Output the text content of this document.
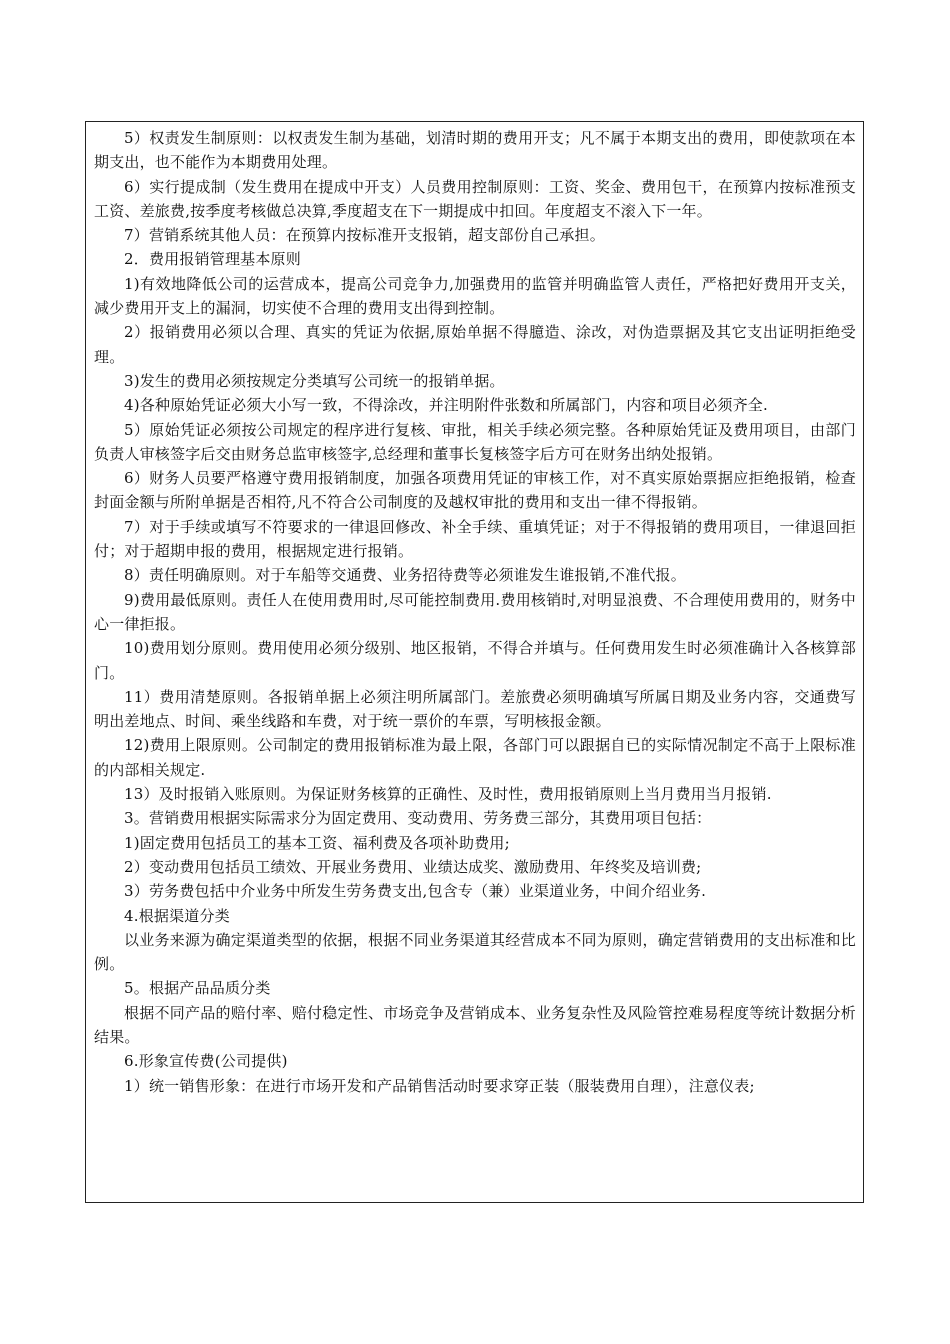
5）权责发生制原则：以权责发生制为基础，划清时期的费用开支；凡不属于本期支出的费用，即使款项在本期支出，也不能作为本期费用处理。

6）实行提成制（发生费用在提成中开支）人员费用控制原则：工资、奖金、费用包干，在预算内按标准预支工资、差旅费,按季度考核做总决算,季度超支在下一期提成中扣回。年度超支不滚入下一年。

7）营销系统其他人员：在预算内按标准开支报销，超支部份自己承担。

2．费用报销管理基本原则

1)有效地降低公司的运营成本，提高公司竞争力,加强费用的监管并明确监管人责任，严格把好费用开支关，减少费用开支上的漏洞，切实使不合理的费用支出得到控制。

2）报销费用必须以合理、真实的凭证为依据,原始单据不得臆造、涂改，对伪造票据及其它支出证明拒绝受理。

3)发生的费用必须按规定分类填写公司统一的报销单据。

4)各种原始凭证必须大小写一致，不得涂改，并注明附件张数和所属部门，内容和项目必须齐全.

5）原始凭证必须按公司规定的程序进行复核、审批，相关手续必须完整。各种原始凭证及费用项目，由部门负责人审核签字后交由财务总监审核签字,总经理和董事长复核签字后方可在财务出纳处报销。

6）财务人员要严格遵守费用报销制度，加强各项费用凭证的审核工作，对不真实原始票据应拒绝报销，检查封面金额与所附单据是否相符,凡不符合公司制度的及越权审批的费用和支出一律不得报销。

7）对于手续或填写不符要求的一律退回修改、补全手续、重填凭证；对于不得报销的费用项目，一律退回拒付；对于超期申报的费用，根据规定进行报销。

8）责任明确原则。对于车船等交通费、业务招待费等必须谁发生谁报销,不准代报。

9)费用最低原则。责任人在使用费用时,尽可能控制费用.费用核销时,对明显浪费、不合理使用费用的，财务中心一律拒报。

10)费用划分原则。费用使用必须分级别、地区报销，不得合并填与。任何费用发生时必须准确计入各核算部门。

11）费用清楚原则。各报销单据上必须注明所属部门。差旅费必须明确填写所属日期及业务内容，交通费写明出差地点、时间、乘坐线路和车费，对于统一票价的车票，写明核报金额。

12)费用上限原则。公司制定的费用报销标准为最上限，各部门可以跟据自已的实际情况制定不高于上限标准的内部相关规定.

13）及时报销入账原则。为保证财务核算的正确性、及时性，费用报销原则上当月费用当月报销.

3。营销费用根据实际需求分为固定费用、变动费用、劳务费三部分，其费用项目包括：

1)固定费用包括员工的基本工资、福利费及各项补助费用;

2）变动费用包括员工绩效、开展业务费用、业绩达成奖、激励费用、年终奖及培训费;

3）劳务费包括中介业务中所发生劳务费支出,包含专（兼）业渠道业务，中间介绍业务.

4.根据渠道分类

以业务来源为确定渠道类型的依据，根据不同业务渠道其经营成本不同为原则，确定营销费用的支出标准和比例。

5。根据产品品质分类

根据不同产品的赔付率、赔付稳定性、市场竞争及营销成本、业务复杂性及风险管控难易程度等统计数据分析结果。

6.形象宣传费(公司提供)

1）统一销售形象：在进行市场开发和产品销售活动时要求穿正装（服装费用自理），注意仪表;
